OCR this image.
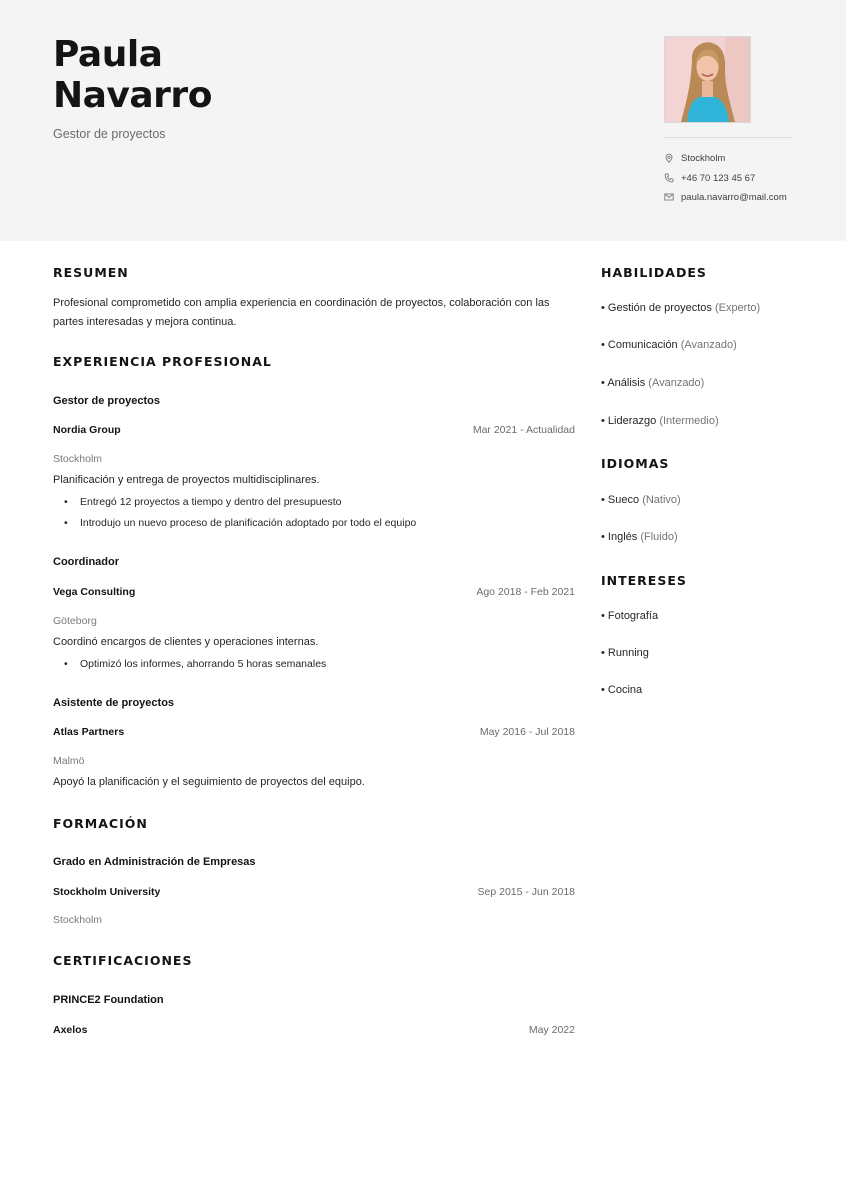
Paula
Navarro
Gestor de proyectos
Stockholm
+46 70 123 45 67
paula.navarro@mail.com
RESUMEN
Profesional comprometido con amplia experiencia en coordinación de proyectos, colaboración con las partes interesadas y mejora continua.
EXPERIENCIA PROFESIONAL
Gestor de proyectos
Nordia Group	Mar 2021 - Actualidad
Stockholm
Planificación y entrega de proyectos multidisciplinares.
• Entregó 12 proyectos a tiempo y dentro del presupuesto
• Introdujo un nuevo proceso de planificación adoptado por todo el equipo
Coordinador
Vega Consulting	Ago 2018 - Feb 2021
Göteborg
Coordinó encargos de clientes y operaciones internas.
• Optimizó los informes, ahorrando 5 horas semanales
Asistente de proyectos
Atlas Partners	May 2016 - Jul 2018
Malmö
Apoyó la planificación y el seguimiento de proyectos del equipo.
FORMACIÓN
Grado en Administración de Empresas
Stockholm University	Sep 2015 - Jun 2018
Stockholm
CERTIFICACIONES
PRINCE2 Foundation
Axelos	May 2022
HABILIDADES
• Gestión de proyectos (Experto)
• Comunicación (Avanzado)
• Análisis (Avanzado)
• Liderazgo (Intermedio)
IDIOMAS
• Sueco (Nativo)
• Inglés (Fluido)
INTERESES
• Fotografía
• Running
• Cocina
